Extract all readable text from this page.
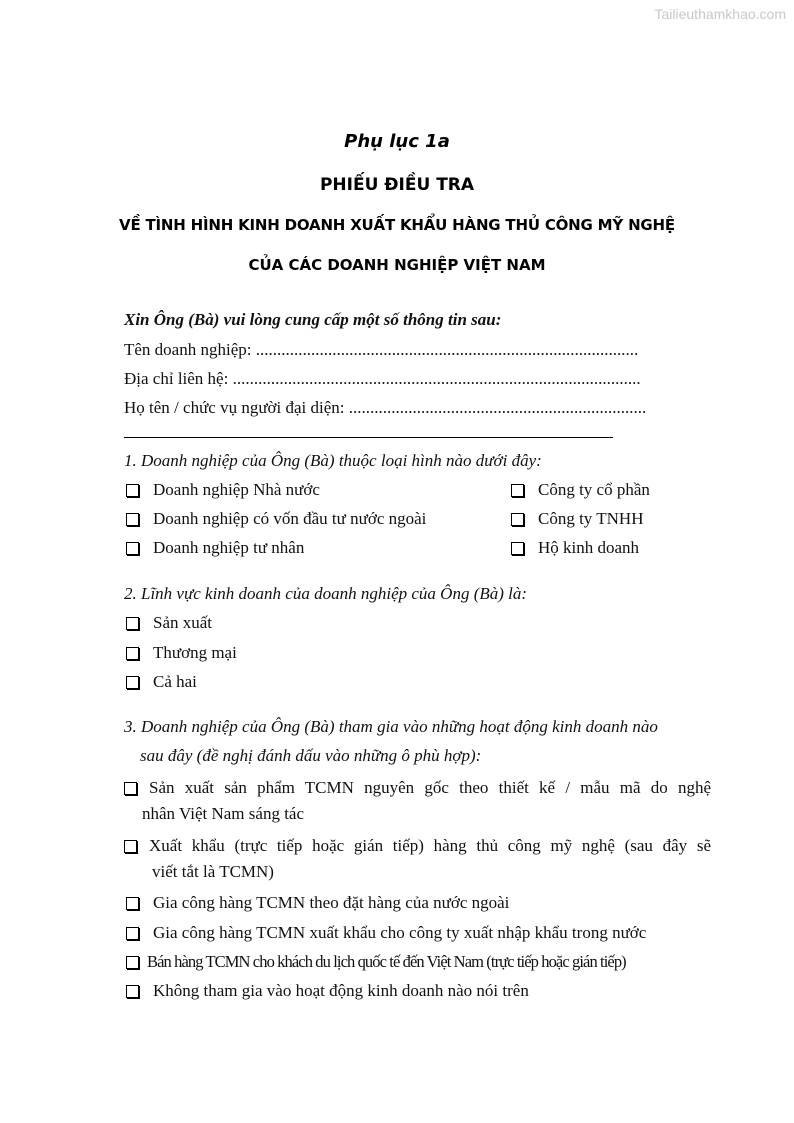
Tailieuthamkhao.com
Phụ lục 1a
PHIẾU ĐIỀU TRA
VỀ TÌNH HÌNH KINH DOANH XUẤT KHẨU HÀNG THỦ CÔNG MỸ NGHỆ
CỦA CÁC DOANH NGHIỆP VIỆT NAM
Xin Ông (Bà) vui lòng cung cấp một số thông tin sau:
Tên doanh nghiệp: ..........................................................................................
Địa chỉ liên hệ: ................................................................................................
Họ tên / chức vụ người đại diện: ......................................................................
1. Doanh nghiệp của Ông (Bà) thuộc loại hình nào dưới đây:
Doanh nghiệp Nhà nước
Doanh nghiệp có vốn đầu tư nước ngoài
Doanh nghiệp tư nhân
Công ty cổ phần
Công ty TNHH
Hộ kinh doanh
2. Lĩnh vực kinh doanh của doanh nghiệp của Ông (Bà) là:
Sản xuất
Thương mại
Cả hai
3. Doanh nghiệp của Ông (Bà) tham gia vào những hoạt động kinh doanh nào
sau đây (đề nghị đánh dấu vào những ô phù hợp):
Sản xuất sản phẩm TCMN nguyên gốc theo thiết kế / mẫu mã do nghệ
nhân Việt Nam sáng tác
Xuất khẩu (trực tiếp hoặc gián tiếp) hàng thủ công mỹ nghệ (sau đây sẽ
viết tắt là TCMN)
Gia công hàng TCMN theo đặt hàng của nước ngoài
Gia công hàng TCMN xuất khẩu cho công ty xuất nhập khẩu trong nước
Bán hàng TCMN cho khách du lịch quốc tế đến Việt Nam (trực tiếp hoặc gián tiếp)
Không tham gia vào hoạt động kinh doanh nào nói trên
